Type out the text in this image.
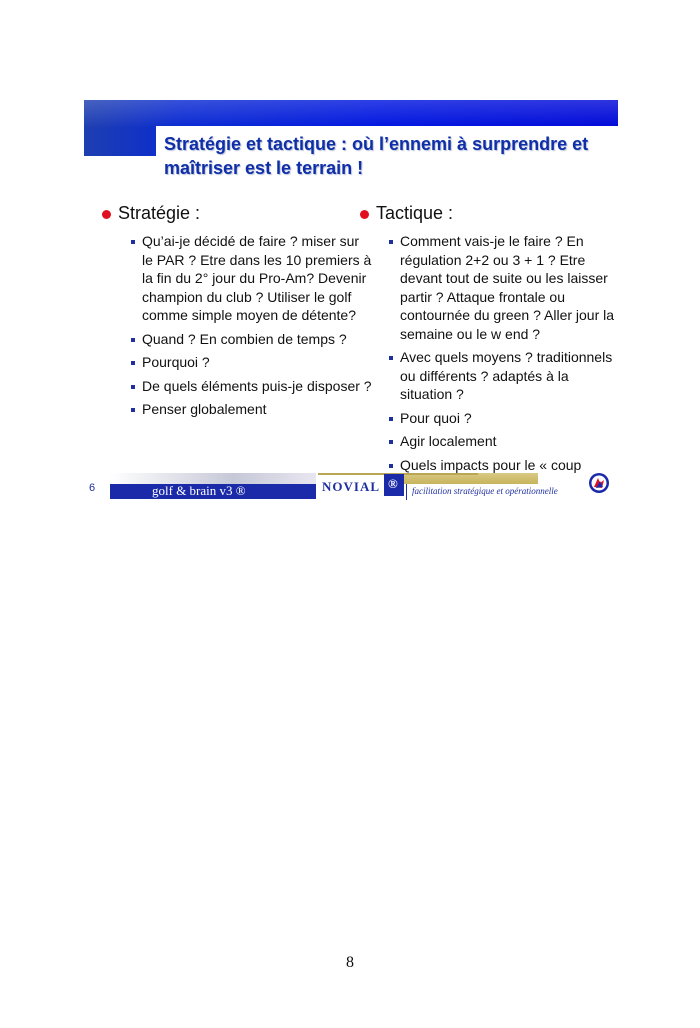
Stratégie et tactique : où l’ennemi à surprendre et maîtriser est le terrain !
Stratégie :
Qu’ai-je décidé de faire ? miser sur le PAR ? Etre dans les 10 premiers à la fin du 2° jour du Pro-Am? Devenir champion du club ? Utiliser le golf comme simple moyen de détente?
Quand ? En combien de temps ?
Pourquoi ?
De quels éléments puis-je disposer ?
Penser globalement
Tactique :
Comment vais-je le faire ? En régulation 2+2 ou 3 + 1 ? Etre devant tout de suite ou les laisser partir ? Attaque frontale ou contournée du green ? Aller jour la semaine ou le w end ?
Avec quels moyens ? traditionnels ou différents ? adaptés à la situation ?
Pour quoi ?
Agir localement
Quels impacts pour le « coup
6	golf & brain v3 ®	NOVIAL ® facilitation stratégique et opérationnelle
8
